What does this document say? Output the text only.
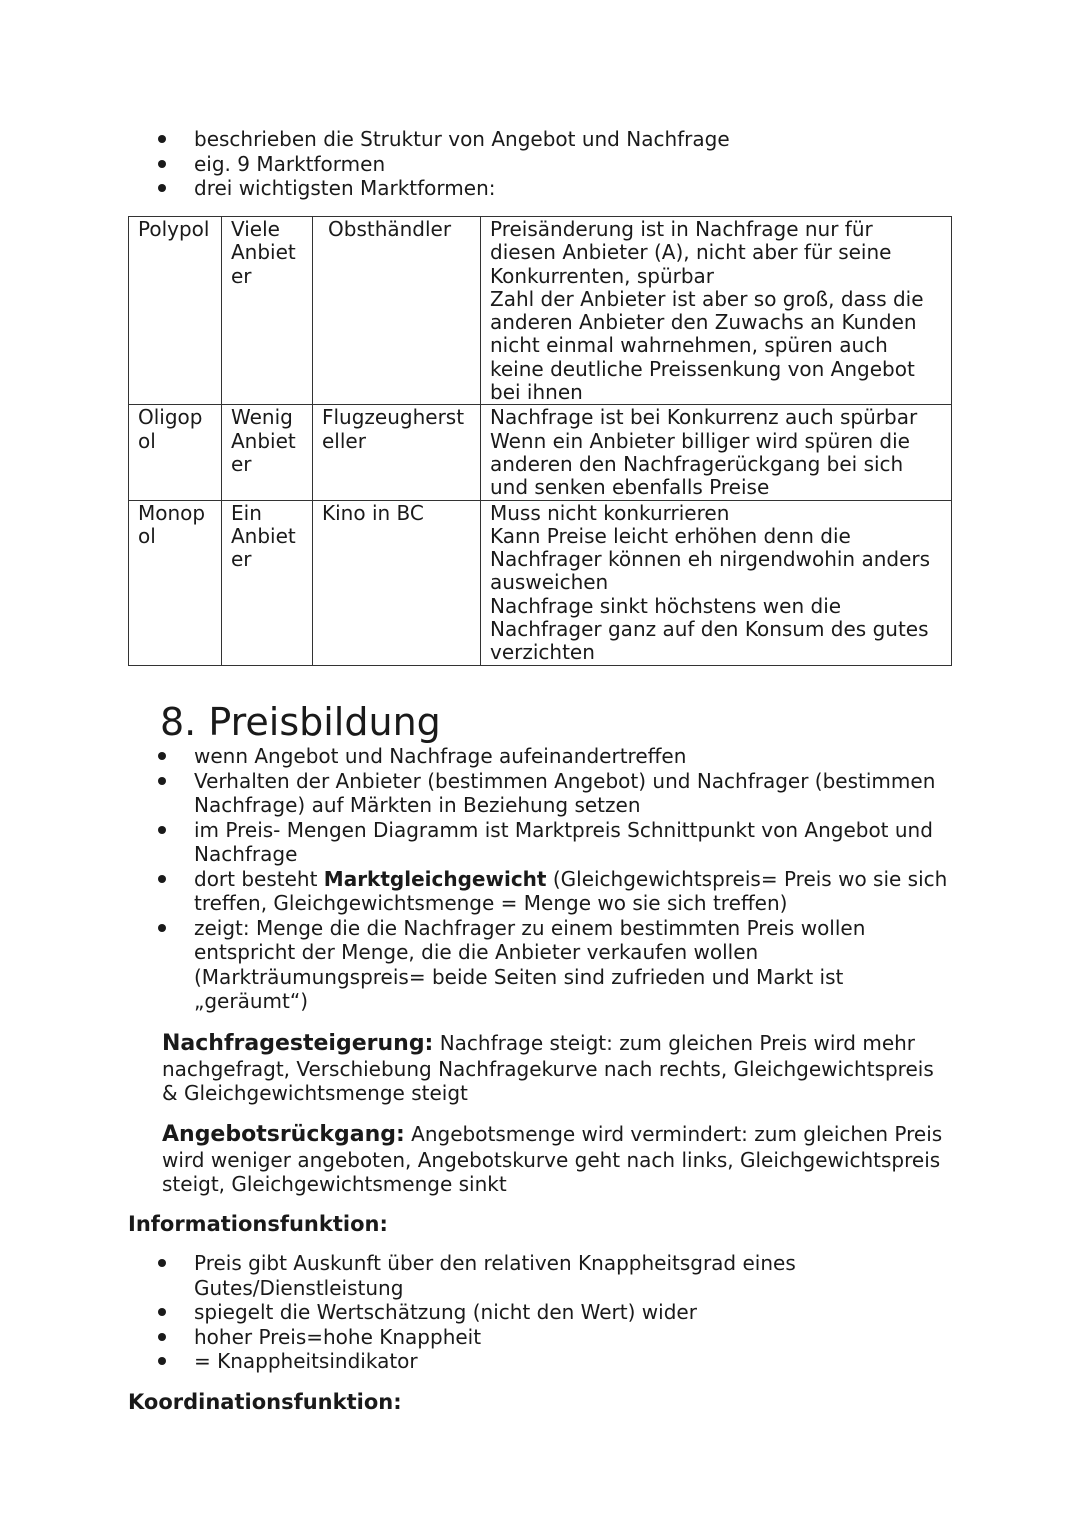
beschrieben die Struktur von Angebot und Nachfrage
eig. 9 Marktformen
drei wichtigsten Marktformen:
Polypol	Viele Anbieter	Obsthändler	Preisänderung ist in Nachfrage nur für diesen Anbieter (A), nicht aber für seine Konkurrenten, spürbar
Zahl der Anbieter ist aber so groß, dass die anderen Anbieter den Zuwachs an Kunden nicht einmal wahrnehmen, spüren auch keine deutliche Preissenkung von Angebot bei ihnen

Oligopol	Wenig Anbieter	Flugzeughersteller	Nachfrage ist bei Konkurrenz auch spürbar
Wenn ein Anbieter billiger wird spüren die anderen den Nachfragerückgang bei sich und senken ebenfalls Preise

Monopol	Ein Anbieter	Kino in BC	Muss nicht konkurrieren
Kann Preise leicht erhöhen denn die Nachfrager können eh nirgendwohin anders ausweichen
Nachfrage sinkt höchstens wen die Nachfrager ganz auf den Konsum des gutes verzichten
8. Preisbildung
wenn Angebot und Nachfrage aufeinandertreffen
Verhalten der Anbieter (bestimmen Angebot) und Nachfrager (bestimmen Nachfrage) auf Märkten in Beziehung setzen
im Preis- Mengen Diagramm ist Marktpreis Schnittpunkt von Angebot und Nachfrage
dort besteht Marktgleichgewicht (Gleichgewichtspreis= Preis wo sie sich treffen, Gleichgewichtsmenge = Menge wo sie sich treffen)
zeigt: Menge die die Nachfrager zu einem bestimmten Preis wollen entspricht der Menge, die die Anbieter verkaufen wollen (Markträumungspreis= beide Seiten sind zufrieden und Markt ist „geräumt“)

Nachfragesteigerung: Nachfrage steigt: zum gleichen Preis wird mehr nachgefragt, Verschiebung Nachfragekurve nach rechts, Gleichgewichtspreis & Gleichgewichtsmenge steigt

Angebotsrückgang: Angebotsmenge wird vermindert: zum gleichen Preis wird weniger angeboten, Angebotskurve geht nach links, Gleichgewichtspreis steigt, Gleichgewichtsmenge sinkt

Informationsfunktion:
Preis gibt Auskunft über den relativen Knappheitsgrad eines Gutes/Dienstleistung
spiegelt die Wertschätzung (nicht den Wert) wider
hoher Preis=hohe Knappheit
= Knappheitsindikator
Koordinationsfunktion:
